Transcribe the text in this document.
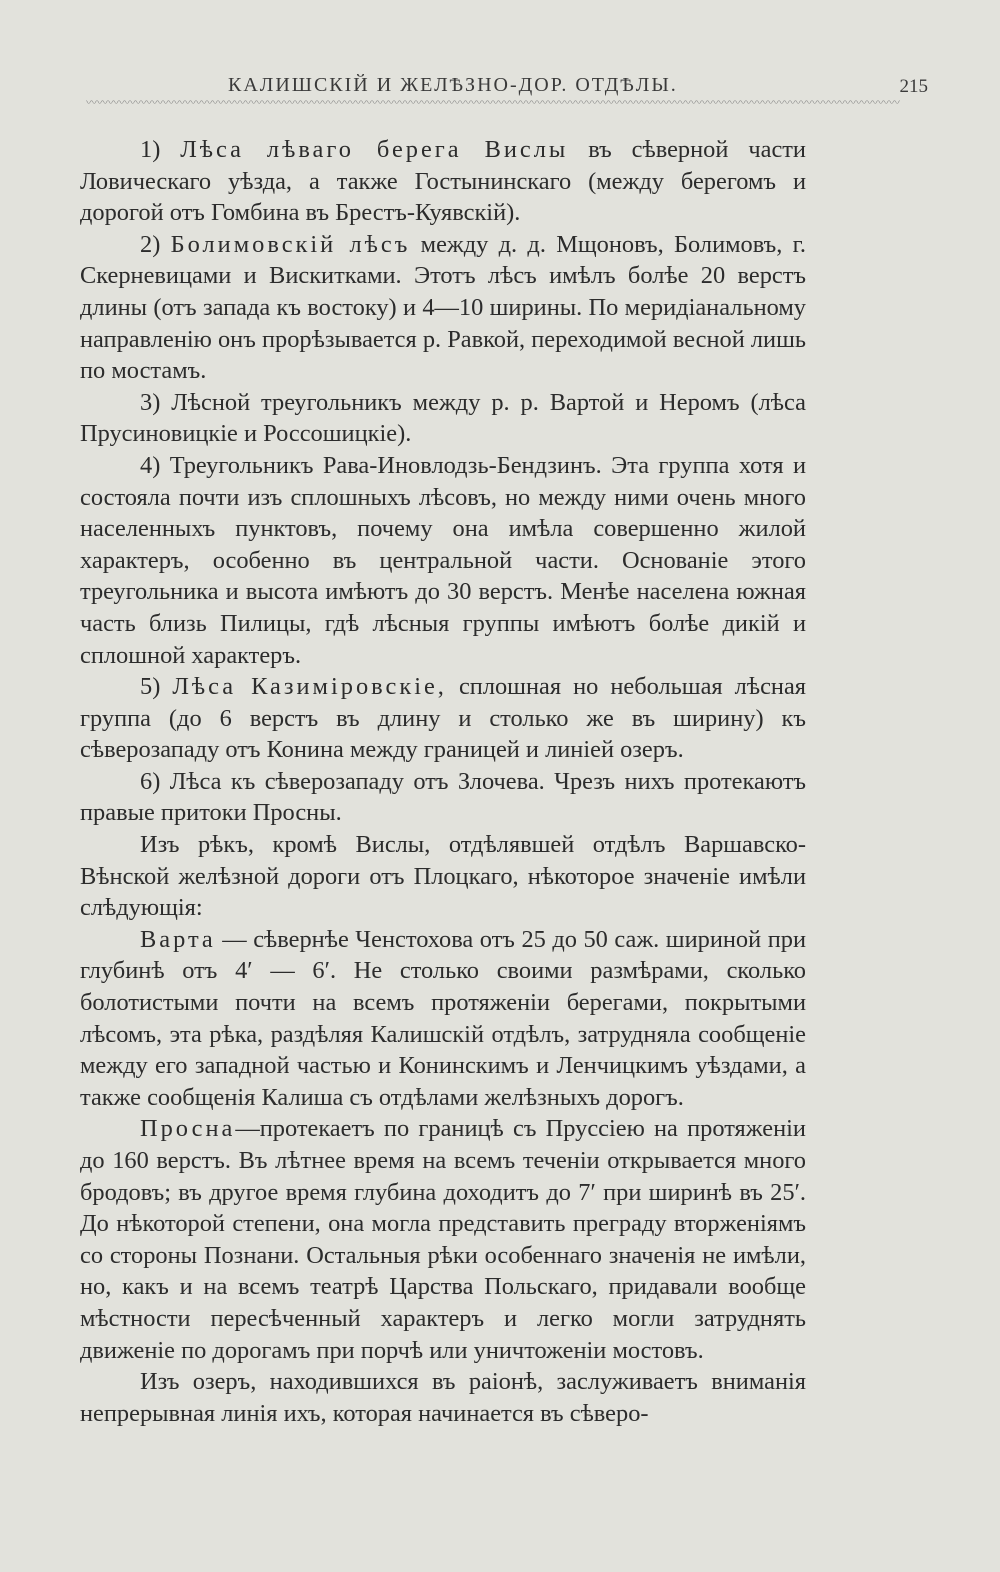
КАЛИШСКІЙ И ЖЕЛѢЗНО-ДОР. ОТДѢЛЫ.	215
〰〰〰〰〰〰〰〰〰〰〰〰〰〰〰〰〰〰〰〰〰〰〰〰〰〰〰〰〰〰〰〰〰〰〰〰〰〰〰〰〰〰〰〰〰〰〰〰〰〰〰〰〰〰〰〰〰〰〰〰〰〰〰〰〰〰〰〰〰〰〰〰〰〰

1) Лѣса лѣваго берега Вислы въ сѣверной части Ловическаго уѣзда, а также Гостынинскаго (между берегомъ и дорогой отъ Гомбина въ Брестъ-Куявскій).

2) Болимовскій лѣсъ между д. д. Мщоновъ, Болимовъ, г. Скерневицами и Вискитками. Этотъ лѣсъ имѣлъ болѣе 20 верстъ длины (отъ запада къ востоку) и 4—10 ширины. По меридіанальному направленію онъ прорѣзывается р. Равкой, переходимой весной лишь по мостамъ.

3) Лѣсной треугольникъ между р. р. Вартой и Неромъ (лѣса Прусиновицкіе и Россошицкіе).

4) Треугольникъ Рава-Иновлодзь-Бендзинъ. Эта группа хотя и состояла почти изъ сплошныхъ лѣсовъ, но между ними очень много населенныхъ пунктовъ, почему она имѣла совершенно жилой характеръ, особенно въ центральной части. Основаніе этого треугольника и высота имѣютъ до 30 верстъ. Менѣе населена южная часть близь Пилицы, гдѣ лѣсныя группы имѣютъ болѣе дикій и сплошной характеръ.

5) Лѣса Казиміровскіе, сплошная но небольшая лѣсная группа (до 6 верстъ въ длину и столько же въ ширину) къ сѣверозападу отъ Конина между границей и линіей озеръ.

6) Лѣса къ сѣверозападу отъ Злочева. Чрезъ нихъ протекаютъ правые притоки Просны.

Изъ рѣкъ, кромѣ Вислы, отдѣлявшей отдѣлъ Варшавско-Вѣнской желѣзной дороги отъ Плоцкаго, нѣкоторое значеніе имѣли слѣдующія:

Варта — сѣвернѣе Ченстохова отъ 25 до 50 саж. шириной при глубинѣ отъ 4′ — 6′. Не столько своими размѣрами, сколько болотистыми почти на всемъ протяженіи берегами, покрытыми лѣсомъ, эта рѣка, раздѣляя Калишскій отдѣлъ, затрудняла сообщеніе между его западной частью и Конинскимъ и Ленчицкимъ уѣздами, а также сообщенія Калиша съ отдѣлами желѣзныхъ дорогъ.

Просна—протекаетъ по границѣ съ Пруссіею на протяженіи до 160 верстъ. Въ лѣтнее время на всемъ теченіи открывается много бродовъ; въ другое время глубина доходитъ до 7′ при ширинѣ въ 25′. До нѣкоторой степени, она могла представить преграду вторженіямъ со стороны Познани. Остальныя рѣки особеннаго значенія не имѣли, но, какъ и на всемъ театрѣ Царства Польскаго, придавали вообще мѣстности пересѣченный характеръ и легко могли затруднять движеніе по дорогамъ при порчѣ или уничтоженіи мостовъ.

Изъ озеръ, находившихся въ раіонѣ, заслуживаетъ вниманія непрерывная линія ихъ, которая начинается въ сѣверо-
